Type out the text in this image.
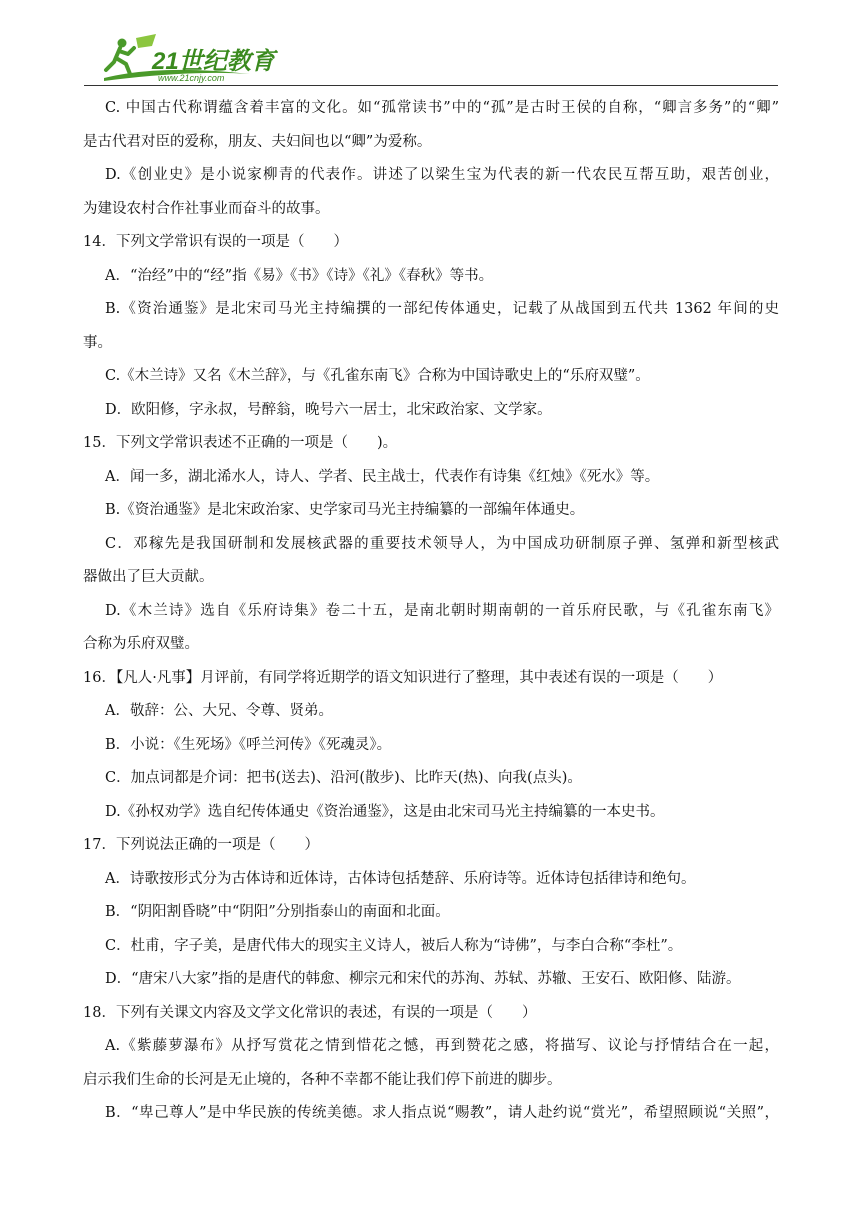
21世纪教育
www.21cnjy.com
C. 中国古代称谓蕴含着丰富的文化。如“孤常读书”中的“孤”是古时王侯的自称，“卿言多务”的“卿”
是古代君对臣的爱称，朋友、夫妇间也以“卿”为爱称。
D.《创业史》是小说家柳青的代表作。讲述了以梁生宝为代表的新一代农民互帮互助，艰苦创业，
为建设农村合作社事业而奋斗的故事。
14．下列文学常识有误的一项是（　　）
A．“治经”中的“经”指《易》《书》《诗》《礼》《春秋》等书。
B.《资治通鉴》是北宋司马光主持编撰的一部纪传体通史，记载了从战国到五代共 1362 年间的史
事。
C.《木兰诗》又名《木兰辞》，与《孔雀东南飞》合称为中国诗歌史上的“乐府双璧”。
D．欧阳修，字永叔，号醉翁，晚号六一居士，北宋政治家、文学家。
15．下列文学常识表述不正确的一项是（　　)。
A．闻一多，湖北浠水人，诗人、学者、民主战士，代表作有诗集《红烛》《死水》等。
B.《资治通鉴》是北宋政治家、史学家司马光主持编纂的一部编年体通史。
C．邓稼先是我国研制和发展核武器的重要技术领导人，为中国成功研制原子弹、氢弹和新型核武
器做出了巨大贡献。
D.《木兰诗》选自《乐府诗集》卷二十五，是南北朝时期南朝的一首乐府民歌，与《孔雀东南飞》
合称为乐府双璧。
16．【凡人·凡事】月评前，有同学将近期学的语文知识进行了整理，其中表述有误的一项是（　　）
A．敬辞：公、大兄、令尊、贤弟。
B．小说：《生死场》《呼兰河传》《死魂灵》。
C．加点词都是介词：把书(送去)、沿河(散步)、比昨天(热)、向我(点头)。
D.《孙权劝学》选自纪传体通史《资治通鉴》，这是由北宋司马光主持编纂的一本史书。
17．下列说法正确的一项是（　　）
A．诗歌按形式分为古体诗和近体诗，古体诗包括楚辞、乐府诗等。近体诗包括律诗和绝句。
B．“阴阳割昏晓”中“阴阳”分别指泰山的南面和北面。
C．杜甫，字子美，是唐代伟大的现实主义诗人，被后人称为“诗佛”，与李白合称“李杜”。
D．“唐宋八大家”指的是唐代的韩愈、柳宗元和宋代的苏洵、苏轼、苏辙、王安石、欧阳修、陆游。
18．下列有关课文内容及文学文化常识的表述，有误的一项是（　　）
A.《紫藤萝瀑布》从抒写赏花之情到惜花之憾，再到赞花之感，将描写、议论与抒情结合在一起，
启示我们生命的长河是无止境的，各种不幸都不能让我们停下前进的脚步。
B．“卑己尊人”是中华民族的传统美德。求人指点说“赐教”，请人赴约说“赏光”，希望照顾说“关照”，
